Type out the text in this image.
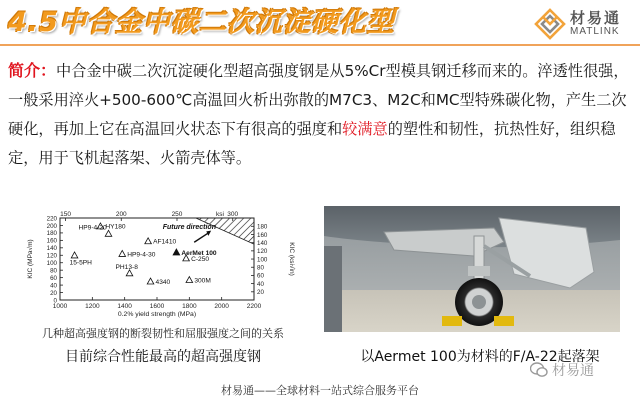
4.5中合金中碳二次沉淀硬化型	材易通
MATLINK
简介：中合金中碳二次沉淀硬化型超高强度钢是从5%Cr型模具钢迁移而来的。淬透性很强，一般采用淬火+500-600℃高温回火析出弥散的M7C3、M2C和MC型特殊碳化物，产生二次硬化，再加上它在高温回火状态下有很高的强度和较满意的塑性和韧性，抗热性好，组织稳定，用于飞机起落架、火箭壳体等。
1000	1200	1400	1600	1800	2000	2200
150	200	250	300
0
20
40
60
80
100
120
140
160
180
200
220
20
40
60
80
100
120
140
160
180
0.2% yield strength (MPa)
ksi
KIC (MPa√m)	KIC (ksi√in)
Future direction
HY180
HP9-4-20
AF1410
AerMet 100
15-5PH
HP9-4-30
C-250
PH13-8
4340	300M
几种超高强度钢的断裂韧性和屈服强度之间的关系
目前综合性能最高的超高强度钢	以Aermet 100为材料的F/A-22起落架
材易通
材易通——全球材料一站式综合服务平台
